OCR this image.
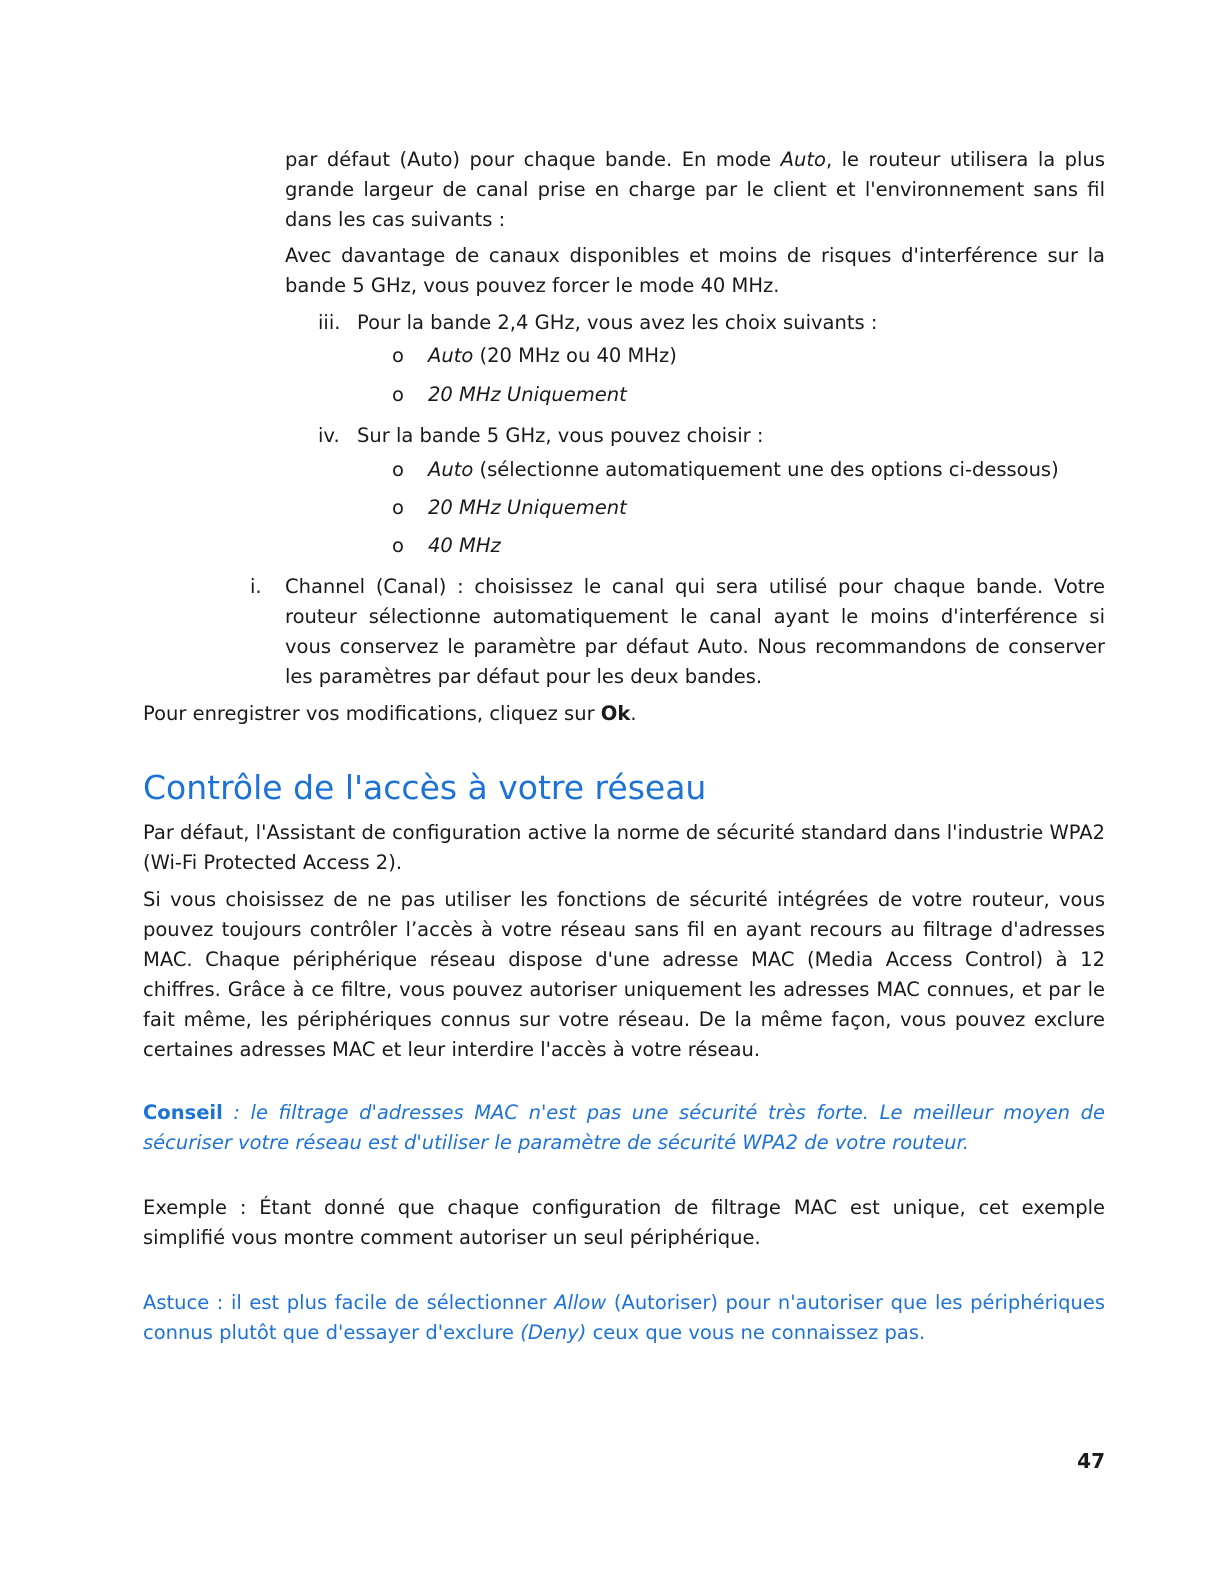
par défaut (Auto) pour chaque bande. En mode Auto, le routeur utilisera la plus grande largeur de canal prise en charge par le client et l'environnement sans fil dans les cas suivants :
Avec davantage de canaux disponibles et moins de risques d'interférence sur la bande 5 GHz, vous pouvez forcer le mode 40 MHz.
iii. Pour la bande 2,4 GHz, vous avez les choix suivants :
o Auto (20 MHz ou 40 MHz)
o 20 MHz Uniquement
iv. Sur la bande 5 GHz, vous pouvez choisir :
o Auto (sélectionne automatiquement une des options ci-dessous)
o 20 MHz Uniquement
o 40 MHz
i. Channel (Canal) : choisissez le canal qui sera utilisé pour chaque bande. Votre routeur sélectionne automatiquement le canal ayant le moins d'interférence si vous conservez le paramètre par défaut Auto. Nous recommandons de conserver les paramètres par défaut pour les deux bandes.
Pour enregistrer vos modifications, cliquez sur Ok.
Contrôle de l'accès à votre réseau
Par défaut, l'Assistant de configuration active la norme de sécurité standard dans l'industrie WPA2 (Wi-Fi Protected Access 2).
Si vous choisissez de ne pas utiliser les fonctions de sécurité intégrées de votre routeur, vous pouvez toujours contrôler l’accès à votre réseau sans fil en ayant recours au filtrage d'adresses MAC. Chaque périphérique réseau dispose d'une adresse MAC (Media Access Control) à 12 chiffres. Grâce à ce filtre, vous pouvez autoriser uniquement les adresses MAC connues, et par le fait même, les périphériques connus sur votre réseau. De la même façon, vous pouvez exclure certaines adresses MAC et leur interdire l'accès à votre réseau.
Conseil : le filtrage d'adresses MAC n'est pas une sécurité très forte. Le meilleur moyen de sécuriser votre réseau est d'utiliser le paramètre de sécurité WPA2 de votre routeur.
Exemple : Étant donné que chaque configuration de filtrage MAC est unique, cet exemple simplifié vous montre comment autoriser un seul périphérique.
Astuce : il est plus facile de sélectionner Allow (Autoriser) pour n'autoriser que les périphériques connus plutôt que d'essayer d'exclure (Deny) ceux que vous ne connaissez pas.
47
